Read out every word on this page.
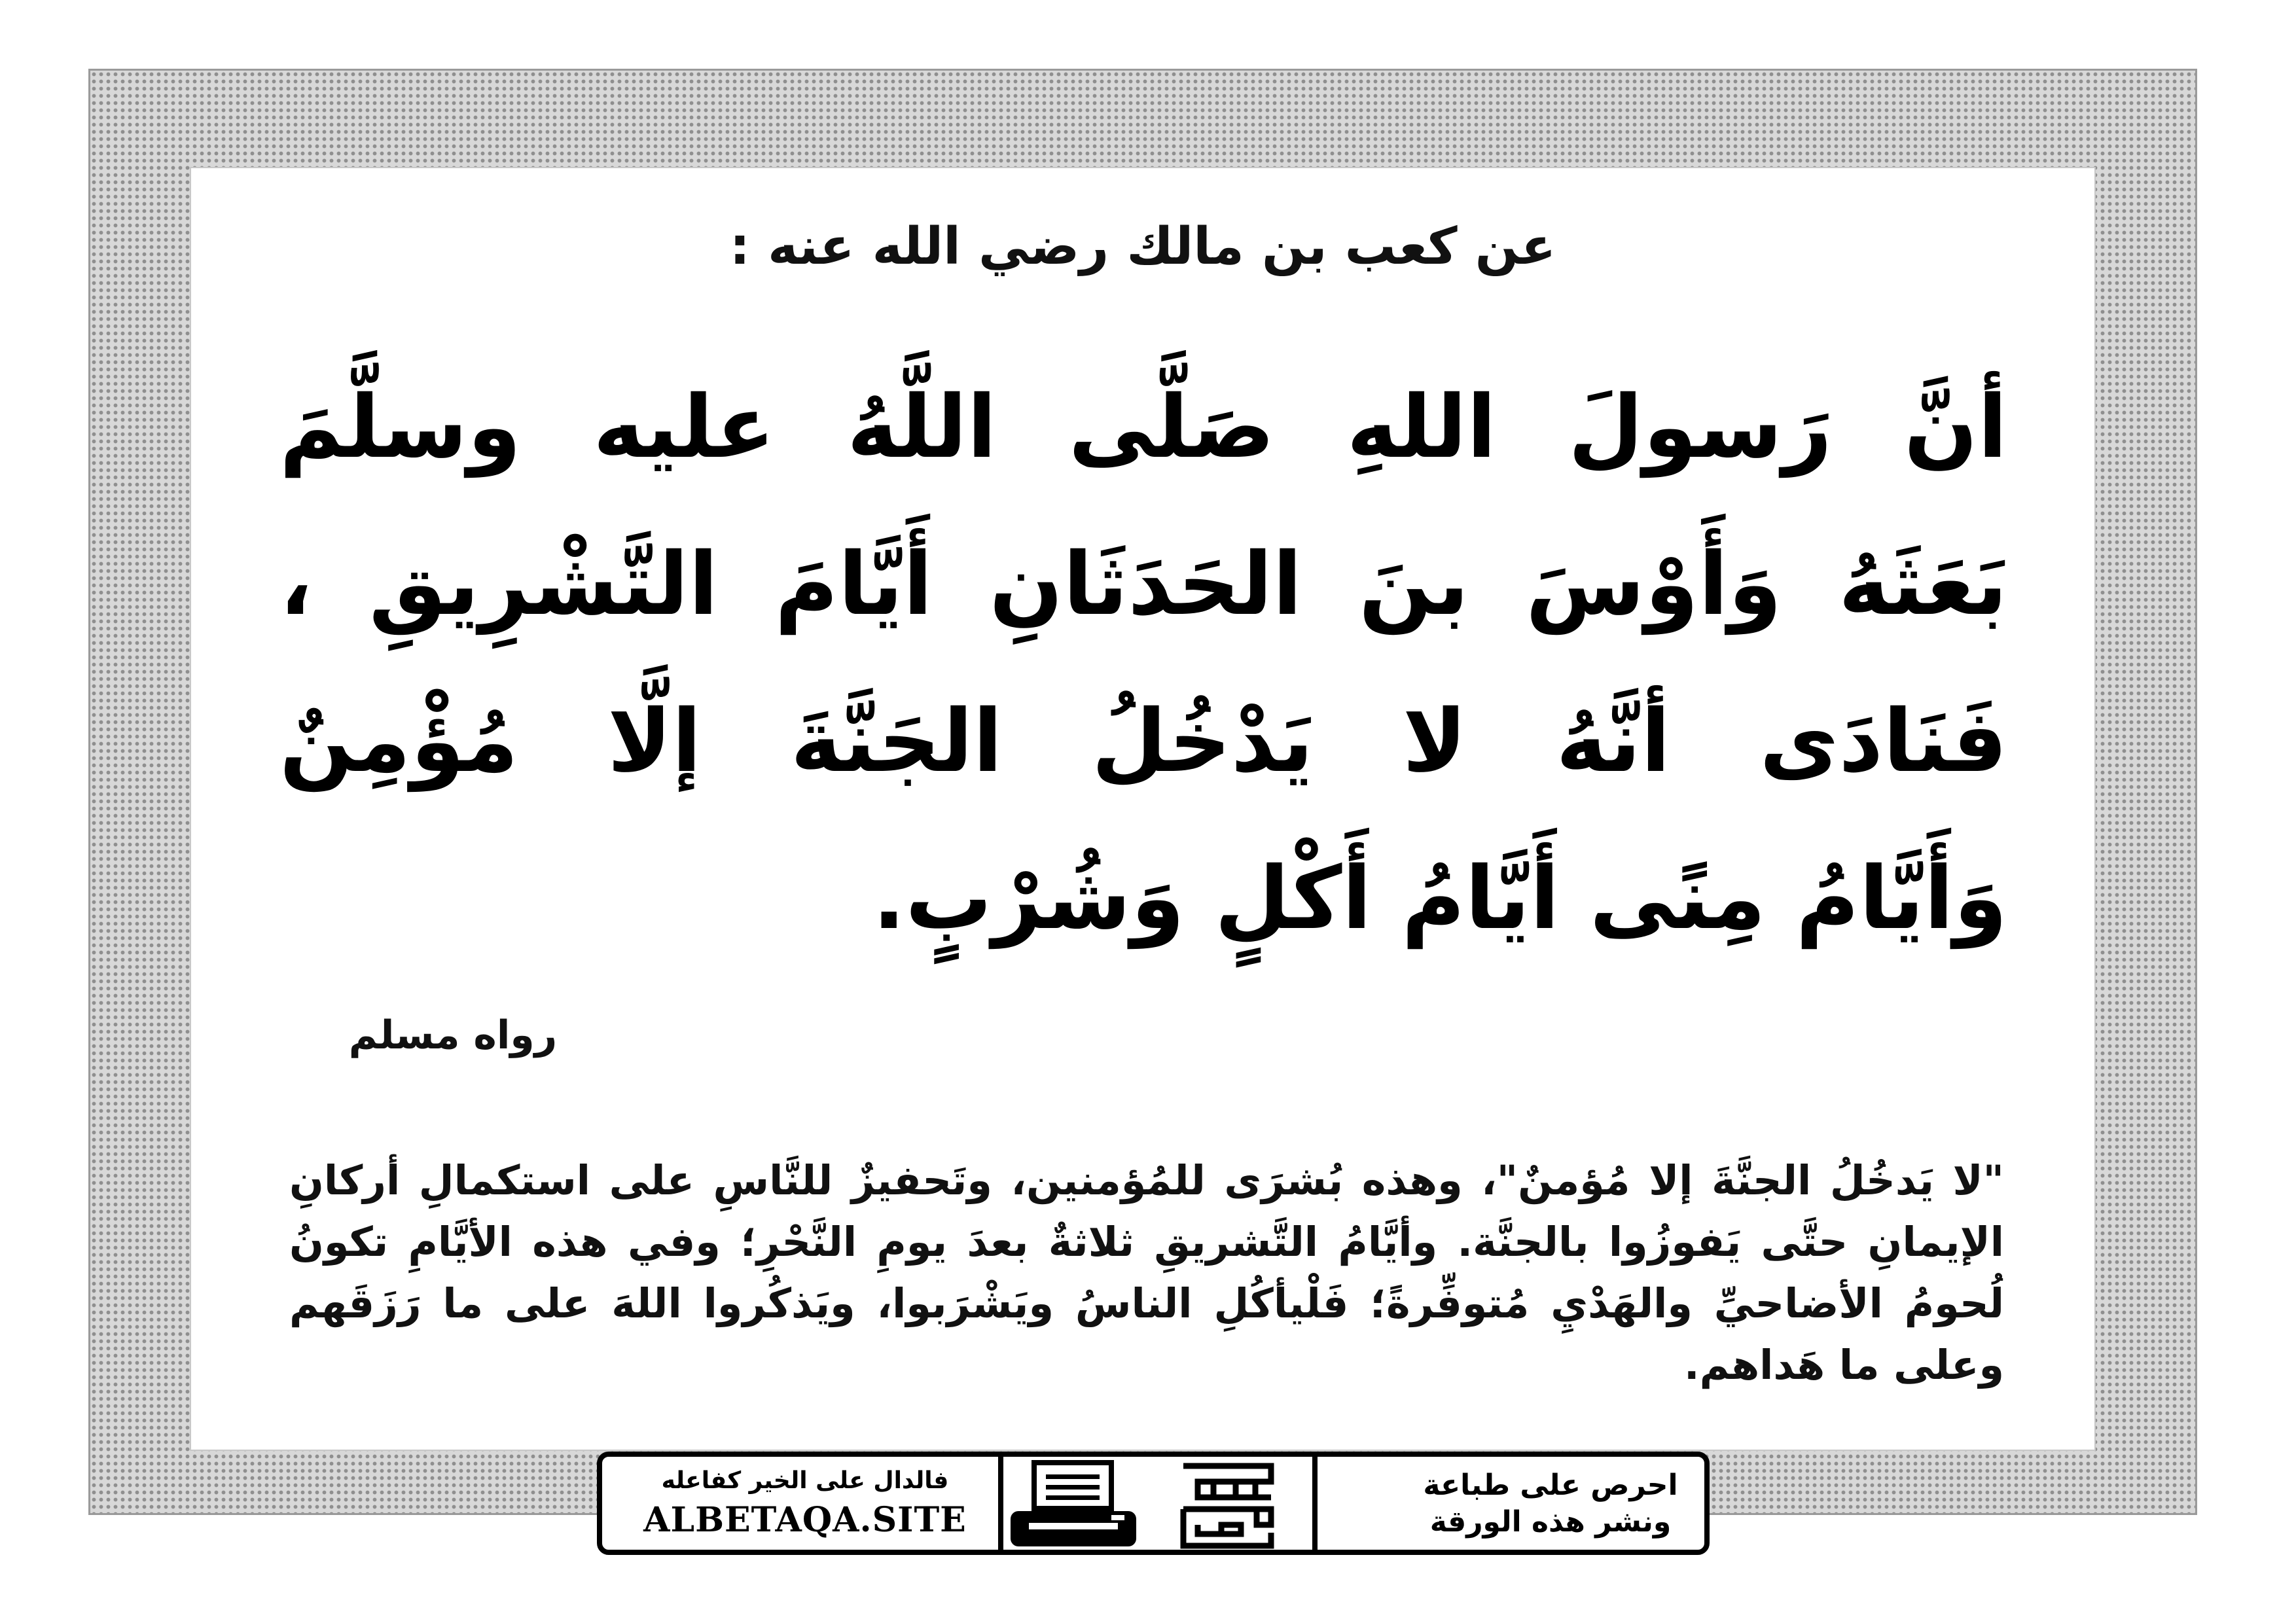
عن كعب بن مالك رضي الله عنه :
أنَّ رَسولَ اللهِ صَلَّى اللَّهُ عليه وسلَّمَ
بَعَثَهُ وَأَوْسَ بنَ الحَدَثَانِ أَيَّامَ التَّشْرِيقِ ،
فَنَادَى أنَّهُ لا يَدْخُلُ الجَنَّةَ إلَّا مُؤْمِنٌ
وَأَيَّامُ مِنًى أَيَّامُ أَكْلٍ وَشُرْبٍ.
رواه مسلم

"لا يَدخُلُ الجنَّةَ إلا مُؤمنٌ"، وهذه بُشرَى للمُؤمنين، وتَحفيزٌ للنَّاسِ على استكمالِ أركانِ الإيمانِ حتَّى يَفوزُوا بالجنَّة. وأيَّامُ التَّشريقِ ثلاثةٌ بعدَ يومِ النَّحْرِ؛ وفي هذه الأيَّامِ تكونُ لُحومُ الأضاحيِّ والهَدْيِ مُتوفِّرةً؛ فَلْيأكُلِ الناسُ ويَشْرَبوا، ويَذكُروا اللهَ على ما رَزَقَهم وعلى ما هَداهم.

فالدال على الخير كفاعله
ALBETAQA.SITE
احرص على طباعة
ونشر هذه الورقة
